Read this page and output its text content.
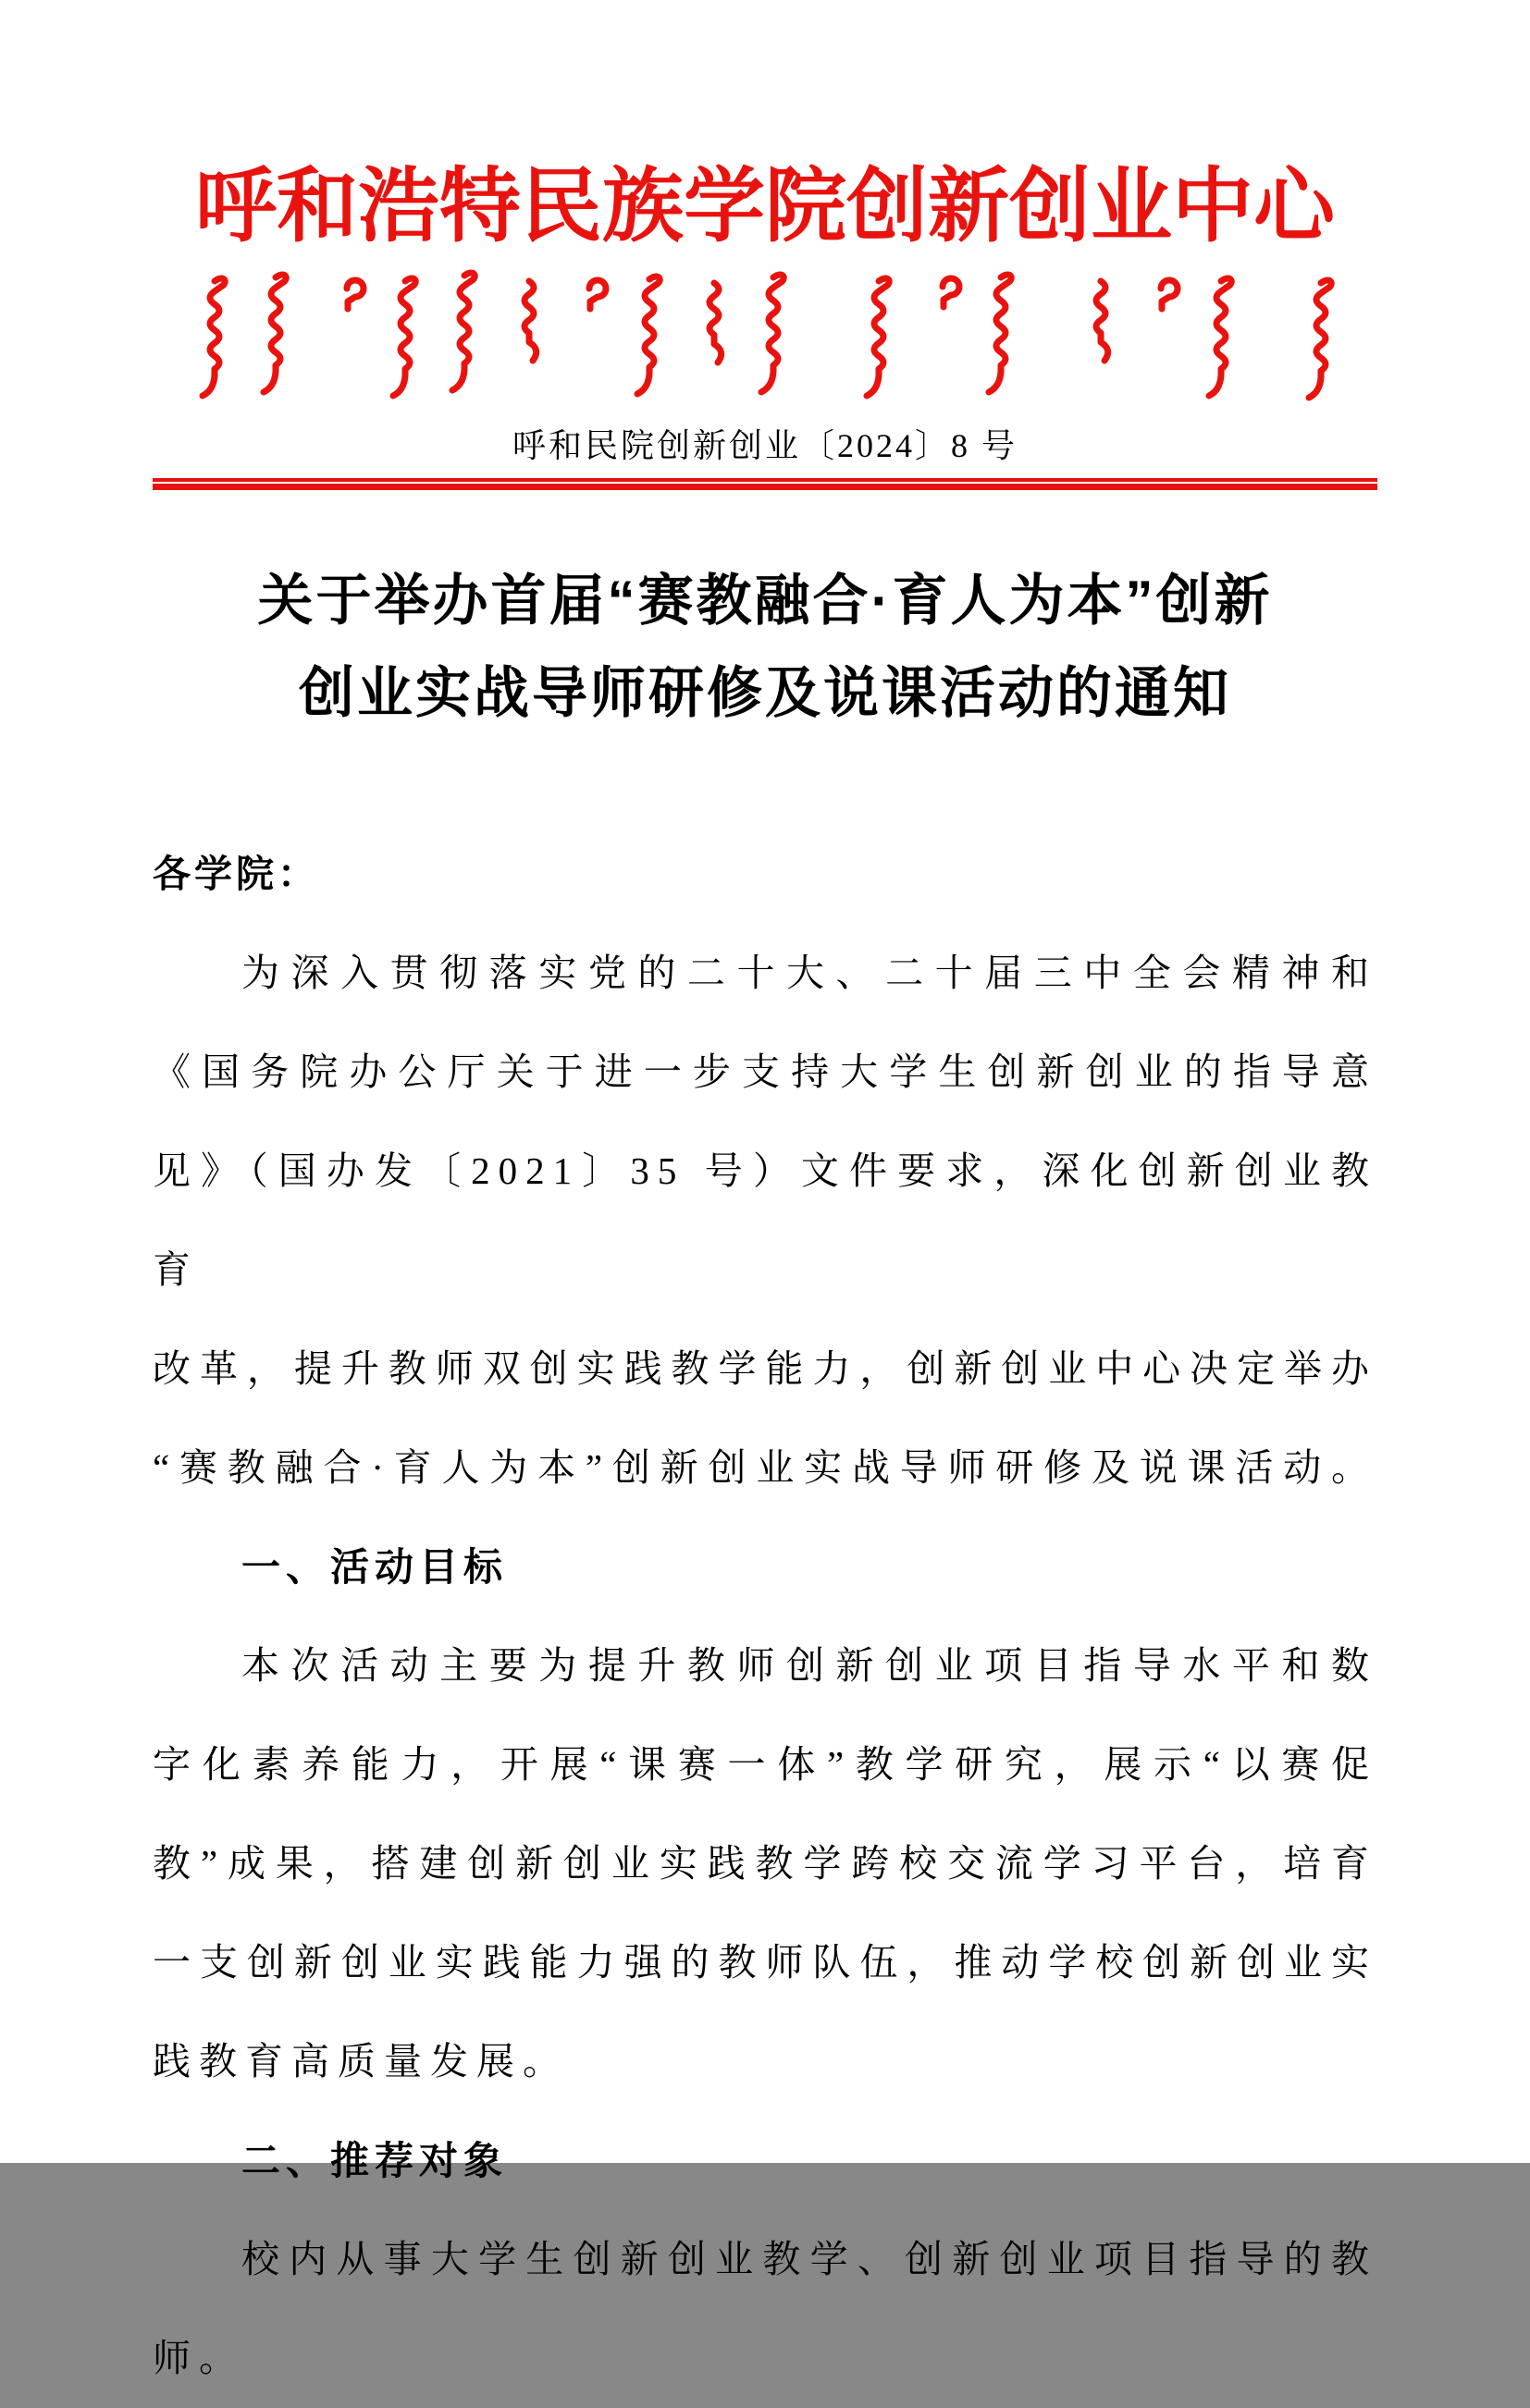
呼和浩特民族学院创新创业中心
呼和民院创新创业〔2024〕8 号
关于举办首届“赛教融合·育人为本”创新
创业实战导师研修及说课活动的通知
各学院：
为深入贯彻落实党的二十大、二十届三中全会精神和
《国务院办公厅关于进一步支持大学生创新创业的指导意
见》（国办发〔2021〕35 号）文件要求，深化创新创业教育
改革，提升教师双创实践教学能力，创新创业中心决定举办
“赛教融合·育人为本”创新创业实战导师研修及说课活动。
一、活动目标
本次活动主要为提升教师创新创业项目指导水平和数
字化素养能力，开展“课赛一体”教学研究，展示“以赛促
教”成果，搭建创新创业实践教学跨校交流学习平台，培育
一支创新创业实践能力强的教师队伍，推动学校创新创业实
践教育高质量发展。
二、推荐对象
校内从事大学生创新创业教学、创新创业项目指导的教
师。
